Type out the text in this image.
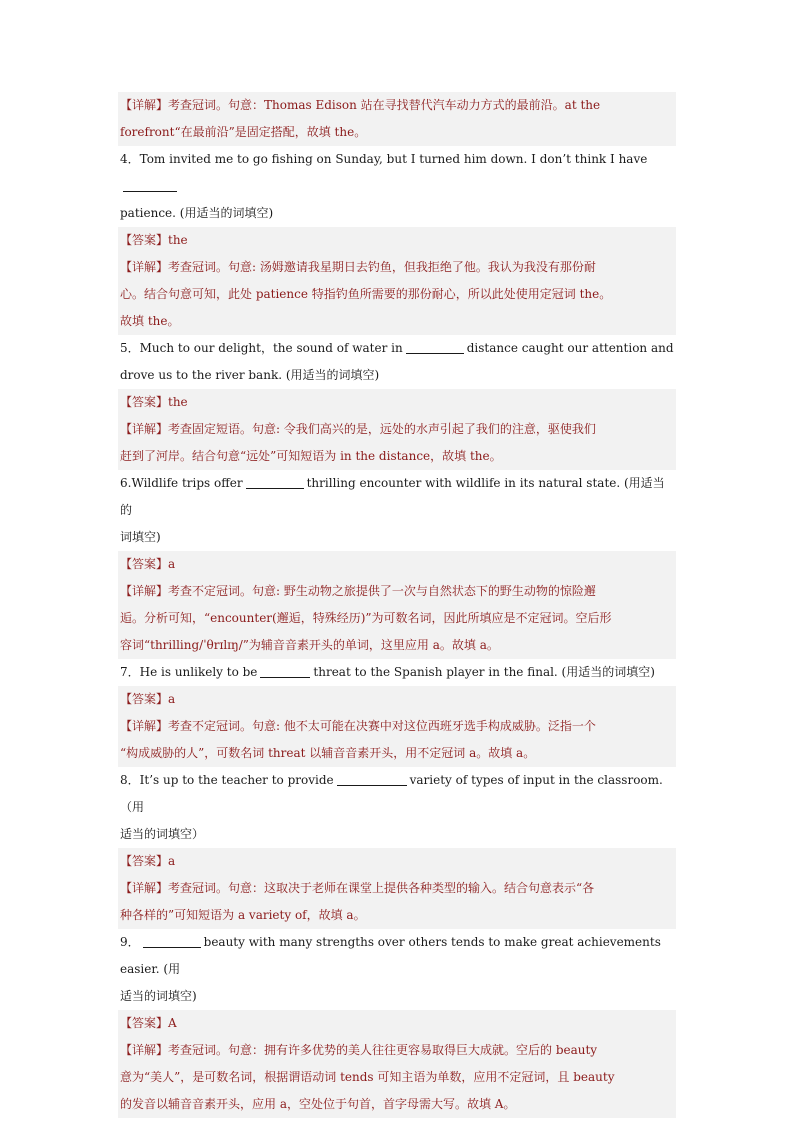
【详解】考查冠词。句意：Thomas Edison 站在寻找替代汽车动力方式的最前沿。at the
forefront“在最前沿”是固定搭配，故填 the。
4．Tom invited me to go fishing on Sunday, but I turned him down. I don’t think I have
patience. (用适当的词填空)
【答案】the
【详解】考查冠词。句意: 汤姆邀请我星期日去钓鱼，但我拒绝了他。我认为我没有那份耐
心。结合句意可知，此处 patience 特指钓鱼所需要的那份耐心，所以此处使用定冠词 the。
故填 the。
5．Much to our delight，the sound of water in	distance caught our attention and
drove us to the river bank. (用适当的词填空)
【答案】the
【详解】考查固定短语。句意: 令我们高兴的是，远处的水声引起了我们的注意，驱使我们
赶到了河岸。结合句意“远处”可知短语为 in the distance，故填 the。
6.Wildlife trips offer	thrilling encounter with wildlife in its natural state. (用适当的
词填空)
【答案】a
【详解】考查不定冠词。句意: 野生动物之旅提供了一次与自然状态下的野生动物的惊险邂
逅。分析可知，“encounter(邂逅，特殊经历)”为可数名词，因此所填应是不定冠词。空后形
容词“thrilling/ˈθrɪlɪŋ/”为辅音音素开头的单词，这里应用 a。故填 a。
7．He is unlikely to be	threat to the Spanish player in the final. (用适当的词填空)
【答案】a
【详解】考查不定冠词。句意: 他不太可能在决赛中对这位西班牙选手构成威胁。泛指一个
“构成威胁的人”，可数名词 threat 以辅音音素开头，用不定冠词 a。故填 a。
8．It’s up to the teacher to provide	variety of types of input in the classroom. （用
适当的词填空）
【答案】a
【详解】考查冠词。句意：这取决于老师在课堂上提供各种类型的输入。结合句意表示“各
种各样的”可知短语为 a variety of，故填 a。
9．	beauty with many strengths over others tends to make great achievements easier. (用
适当的词填空)
【答案】A
【详解】考查冠词。句意：拥有许多优势的美人往往更容易取得巨大成就。空后的 beauty
意为“美人”，是可数名词，根据谓语动词 tends 可知主语为单数，应用不定冠词，且 beauty
的发音以辅音音素开头，应用 a，空处位于句首，首字母需大写。故填 A。
